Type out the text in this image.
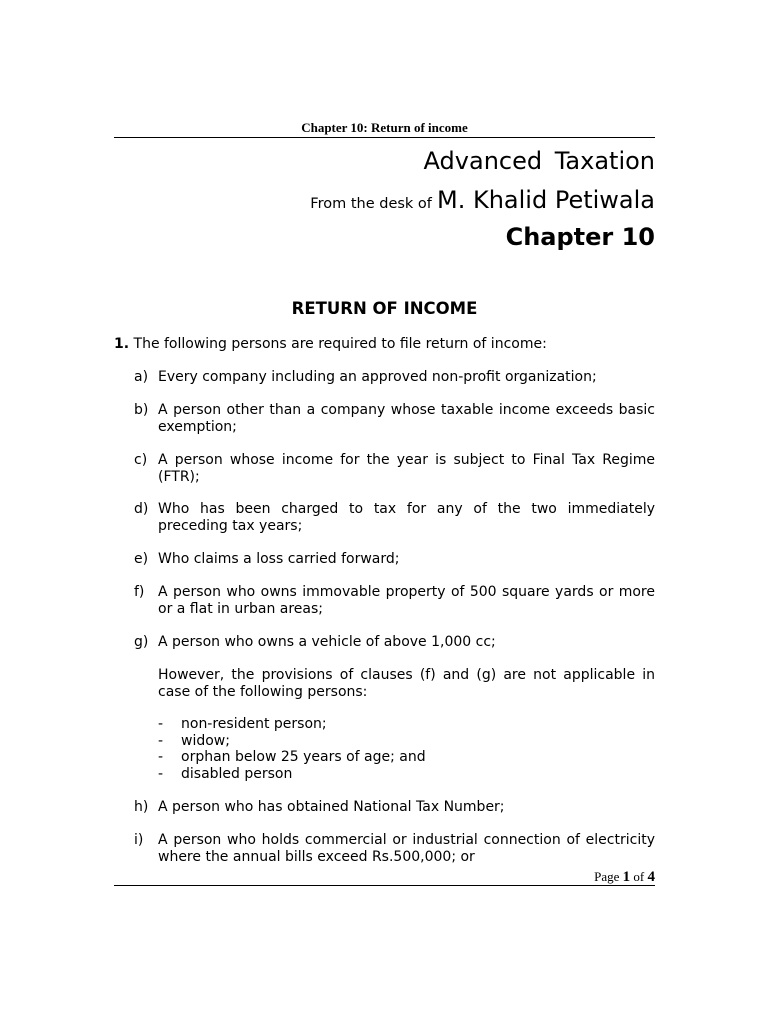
Chapter 10: Return of income
Advanced Taxation
From the desk of M. Khalid Petiwala
Chapter 10
RETURN OF INCOME
1. The following persons are required to file return of income:
a) Every company including an approved non-profit organization;
b) A person other than a company whose taxable income exceeds basic exemption;
c) A person whose income for the year is subject to Final Tax Regime (FTR);
d) Who has been charged to tax for any of the two immediately preceding tax years;
e) Who claims a loss carried forward;
f) A person who owns immovable property of 500 square yards or more or a flat in urban areas;
g) A person who owns a vehicle of above 1,000 cc;
However, the provisions of clauses (f) and (g) are not applicable in case of the following persons:
- non-resident person;
- widow;
- orphan below 25 years of age; and
- disabled person
h) A person who has obtained National Tax Number;
i)	A person who holds commercial or industrial connection of electricity where the annual bills exceed Rs.500,000; or
Page 1 of 4
